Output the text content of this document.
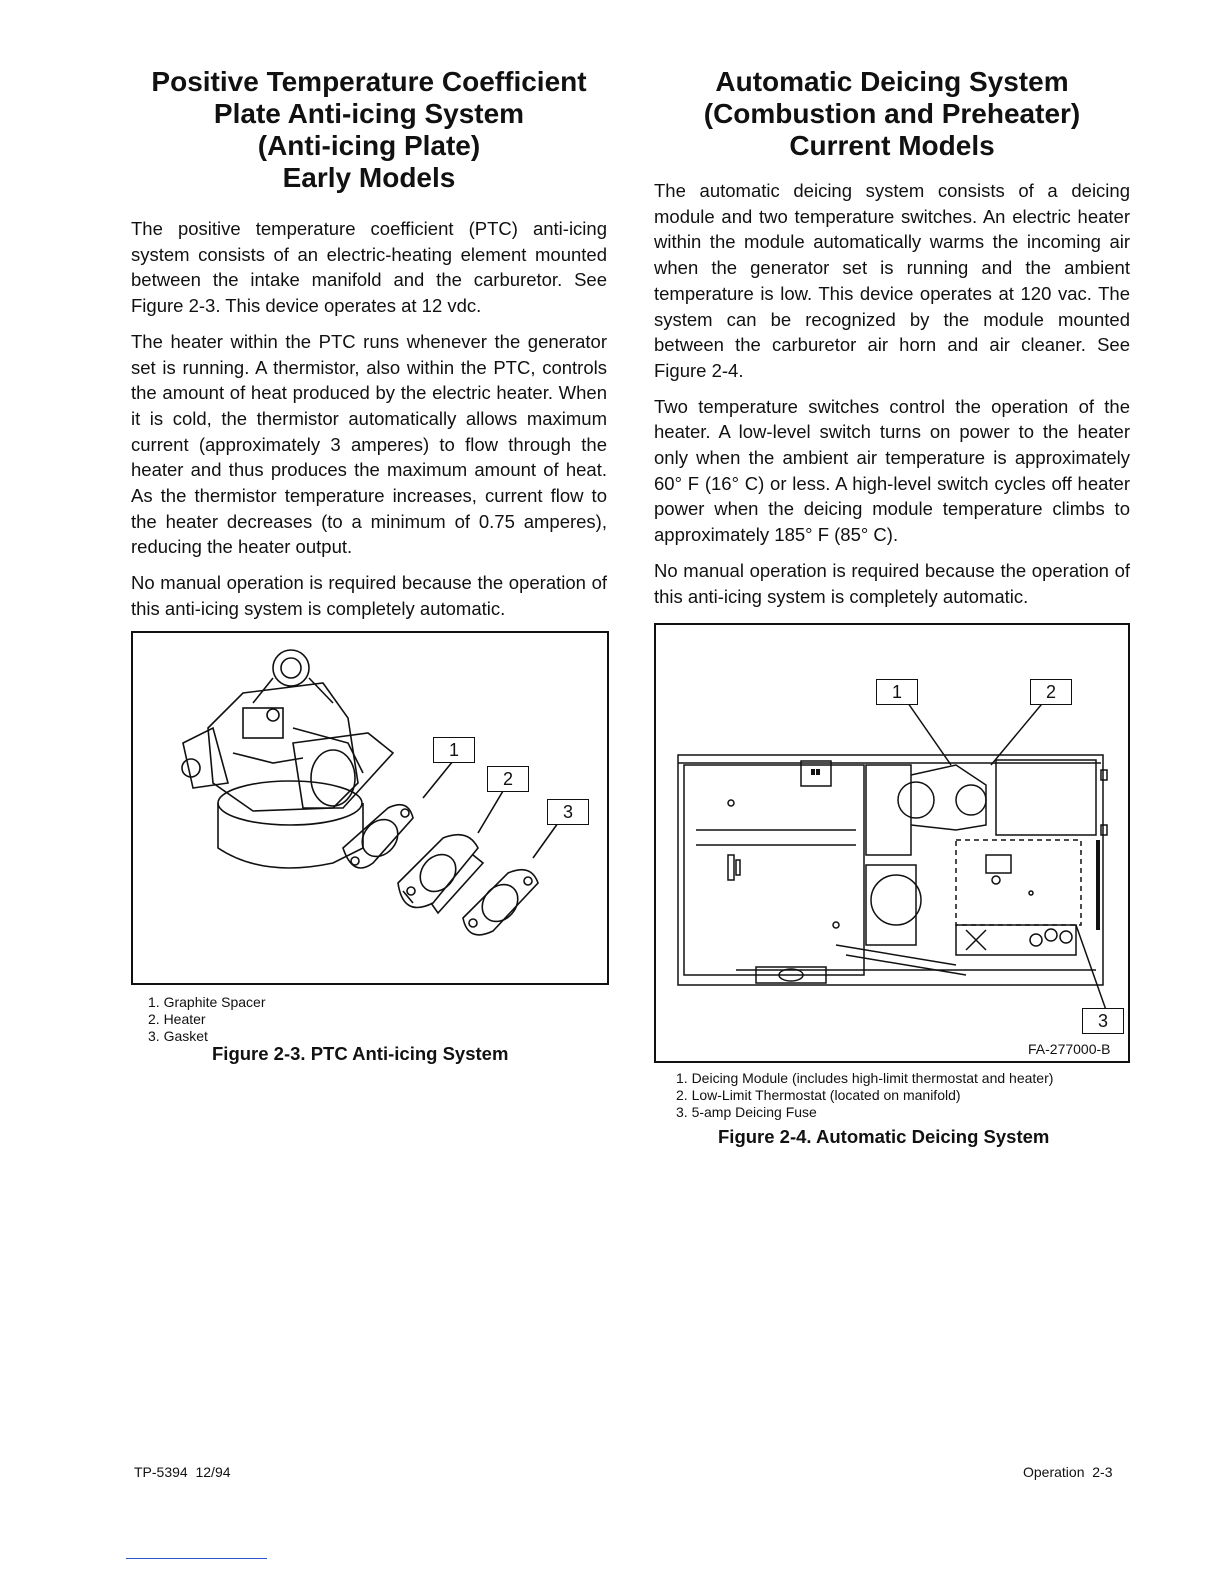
Positive Temperature Coefficient
Plate Anti-icing System
(Anti-icing Plate)
Early Models

The positive temperature coefficient (PTC) anti-icing system consists of an electric-heating element mounted between the intake manifold and the carburetor. See Figure 2-3. This device operates at 12 vdc.

The heater within the PTC runs whenever the generator set is running. A thermistor, also within the PTC, controls the amount of heat produced by the electric heater. When it is cold, the thermistor automatically allows maximum current (approximately 3 amperes) to flow through the heater and thus produces the maximum amount of heat. As the thermistor temperature increases, current flow to the heater decreases (to a minimum of 0.75 amperes), reducing the heater output.

No manual operation is required because the operation of this anti-icing system is completely automatic.

1
2
3
1. Graphite Spacer
2. Heater
3. Gasket
Figure 2-3. PTC Anti-icing System
Automatic Deicing System
(Combustion and Preheater)
Current Models

The automatic deicing system consists of a deicing module and two temperature switches. An electric heater within the module automatically warms the incoming air when the generator set is running and the ambient temperature is low. This device operates at 120 vac. The system can be recognized by the module mounted between the carburetor air horn and air cleaner. See Figure 2-4.

Two temperature switches control the operation of the heater. A low-level switch turns on power to the heater only when the ambient air temperature is approximately 60° F (16° C) or less. A high-level switch cycles off heater power when the deicing module temperature climbs to approximately 185° F (85° C).

No manual operation is required because the operation of this anti-icing system is completely automatic.

1	2
3
FA-277000-B
1. Deicing Module (includes high-limit thermostat and heater)
2. Low-Limit Thermostat (located on manifold)
3. 5-amp Deicing Fuse
Figure 2-4. Automatic Deicing System
TP-5394  12/94	Operation  2-3
